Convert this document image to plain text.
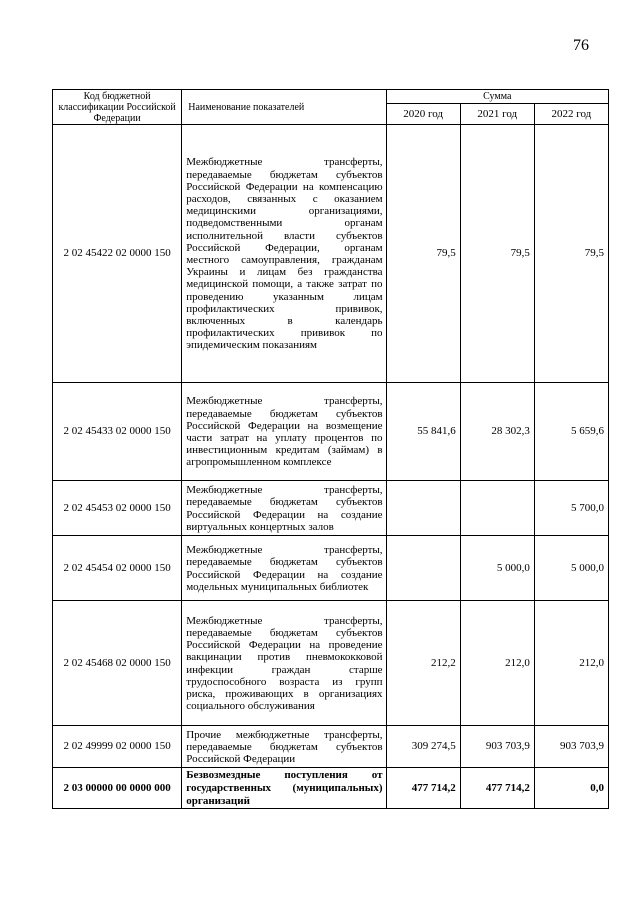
76
Код бюджетной классификации Российской Федерации	Наименование показателей	Сумма		
		2020 год	2021 год	2022 год
2 02 45422 02 0000 150	Межбюджетные трансферты, передаваемые бюджетам субъектов Российской Федерации на компенсацию расходов, связанных с оказанием медицинскими организациями, подведомственными органам исполнительной власти субъектов Российской Федерации, органам местного самоуправления, гражданам Украины и лицам без гражданства медицинской помощи, а также затрат по проведению указанным лицам профилактических прививок, включенных в календарь профилактических прививок по эпидемическим показаниям	79,5	79,5	79,5
2 02 45433 02 0000 150	Межбюджетные трансферты, передаваемые бюджетам субъектов Российской Федерации на возмещение части затрат на уплату процентов по инвестиционным кредитам (займам) в агропромышленном комплексе	55 841,6	28 302,3	5 659,6
2 02 45453 02 0000 150	Межбюджетные трансферты, передаваемые бюджетам субъектов Российской Федерации на создание виртуальных концертных залов			5 700,0
2 02 45454 02 0000 150	Межбюджетные трансферты, передаваемые бюджетам субъектов Российской Федерации на создание модельных муниципальных библиотек		5 000,0	5 000,0
2 02 45468 02 0000 150	Межбюджетные трансферты, передаваемые бюджетам субъектов Российской Федерации на проведение вакцинации против пневмококковой инфекции граждан старше трудоспособного возраста из групп риска, проживающих в организациях социального обслуживания	212,2	212,0	212,0
2 02 49999 02 0000 150	Прочие межбюджетные трансферты, передаваемые бюджетам субъектов Российской Федерации	309 274,5	903 703,9	903 703,9
2 03 00000 00 0000 000	Безвозмездные поступления от государственных (муниципальных) организаций	477 714,2	477 714,2	0,0
